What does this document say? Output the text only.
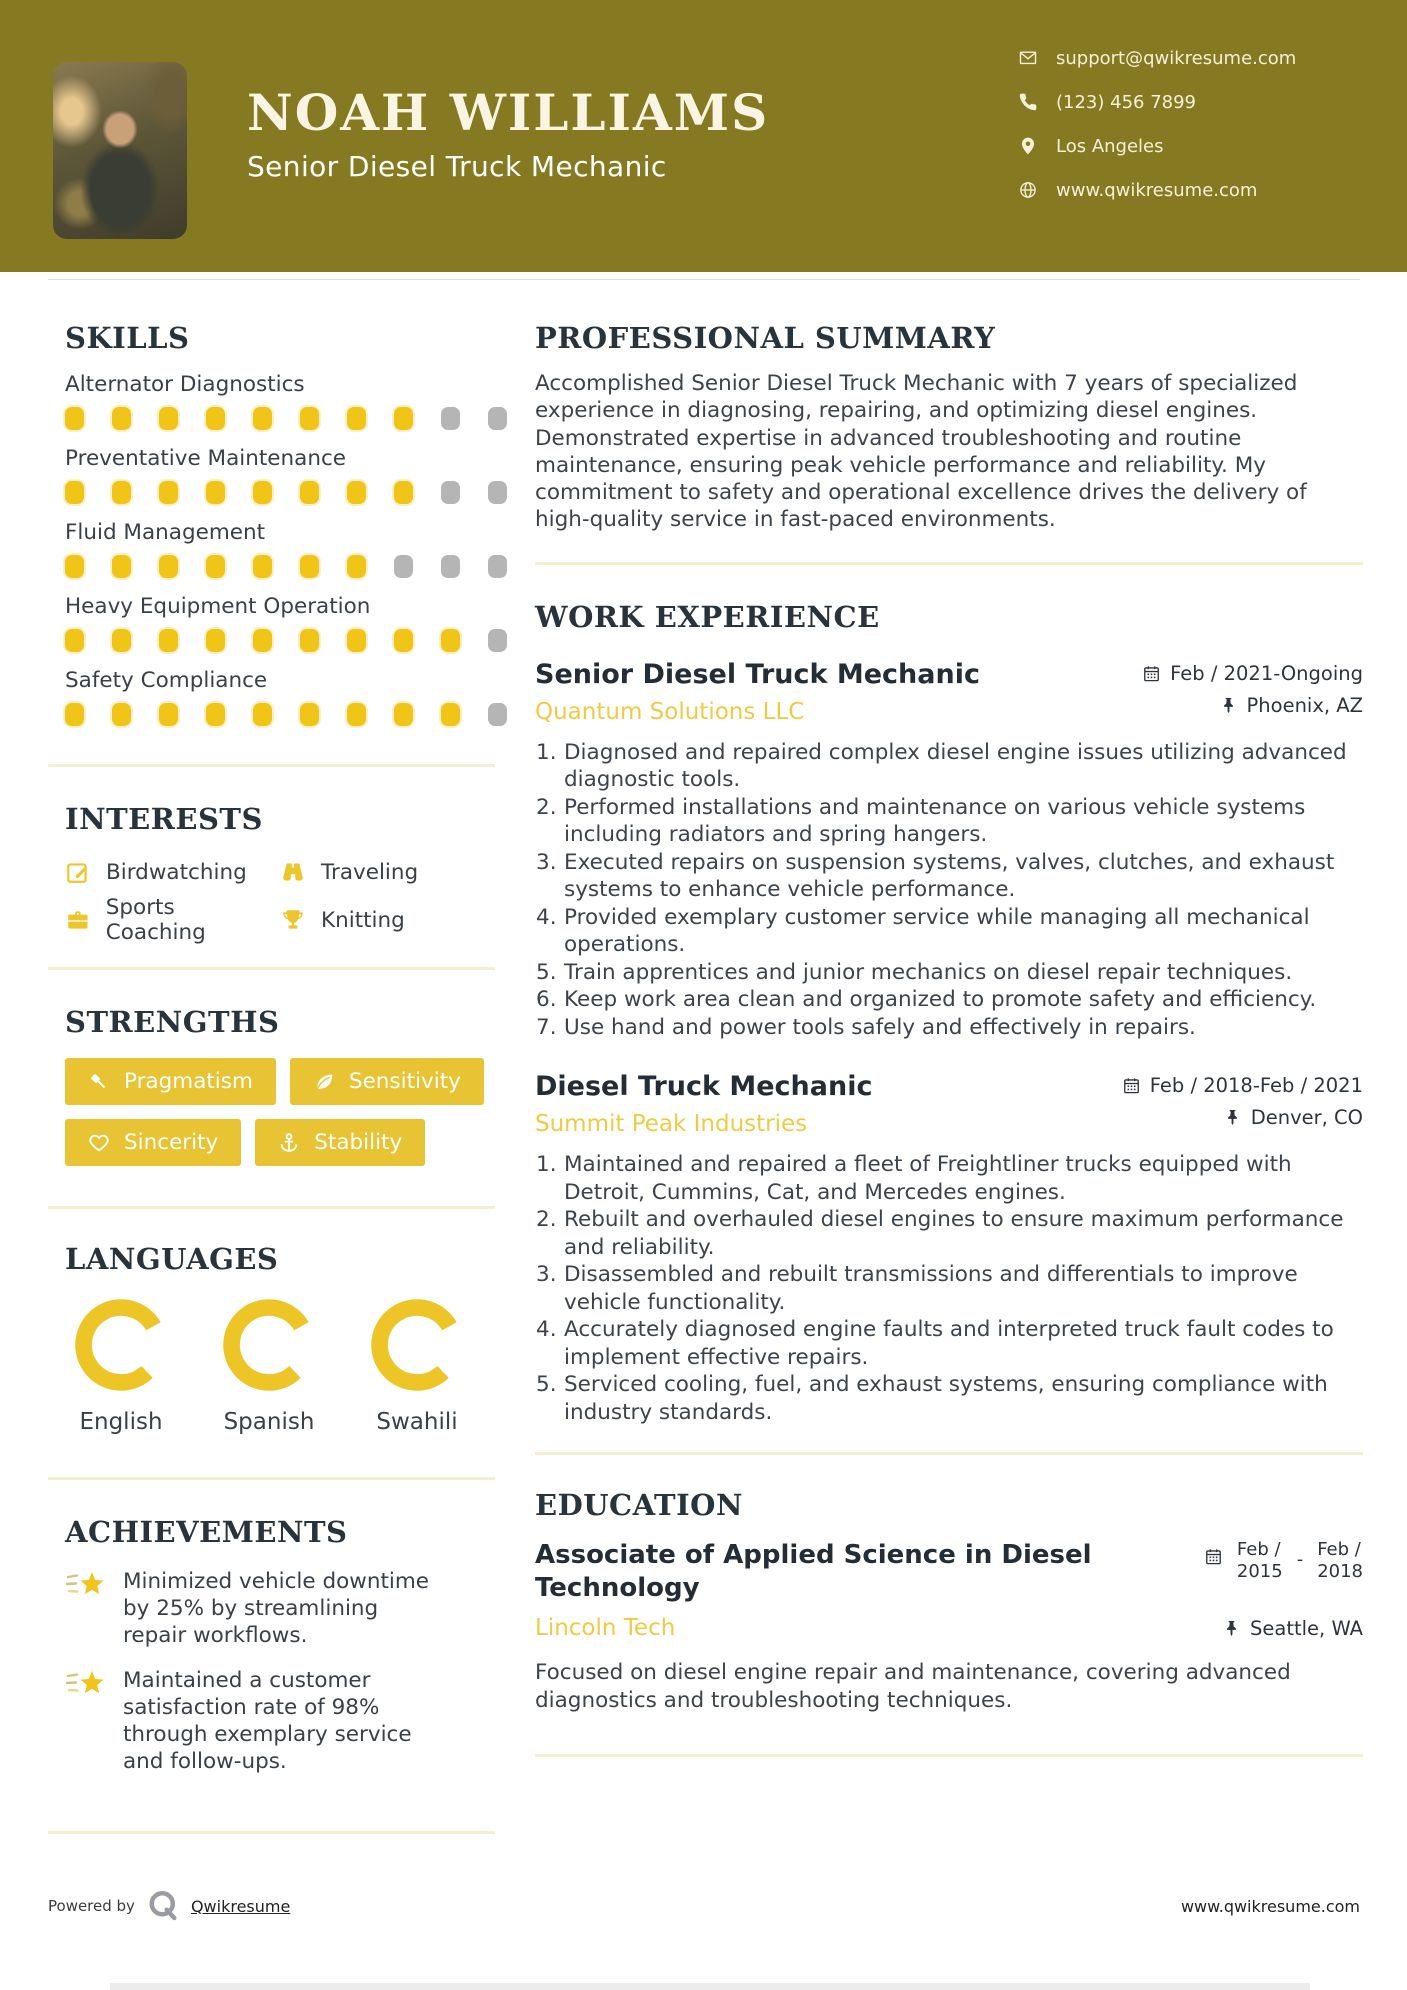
NOAH WILLIAMS
Senior Diesel Truck Mechanic
support@qwikresume.com
(123) 456 7899
Los Angeles
www.qwikresume.com
SKILLS
Alternator Diagnostics
Preventative Maintenance
Fluid Management
Heavy Equipment Operation
Safety Compliance
INTERESTS
Birdwatching	Traveling
Sports Coaching	Knitting
STRENGTHS
Pragmatism	Sensitivity
Sincerity	Stability
LANGUAGES
English	Spanish	Swahili
ACHIEVEMENTS
Minimized vehicle downtime by 25% by streamlining repair workflows.
Maintained a customer satisfaction rate of 98% through exemplary service and follow-ups.
PROFESSIONAL SUMMARY

Accomplished Senior Diesel Truck Mechanic with 7 years of specialized experience in diagnosing, repairing, and optimizing diesel engines. Demonstrated expertise in advanced troubleshooting and routine maintenance, ensuring peak vehicle performance and reliability. My commitment to safety and operational excellence drives the delivery of high-quality service in fast-paced environments.

WORK EXPERIENCE
Senior Diesel Truck Mechanic
Quantum Solutions LLC
Feb / 2021-Ongoing
Phoenix, AZ
Diagnosed and repaired complex diesel engine issues utilizing advanced diagnostic tools.
Performed installations and maintenance on various vehicle systems including radiators and spring hangers.
Executed repairs on suspension systems, valves, clutches, and exhaust systems to enhance vehicle performance.
Provided exemplary customer service while managing all mechanical operations.
Train apprentices and junior mechanics on diesel repair techniques.
Keep work area clean and organized to promote safety and efficiency.
Use hand and power tools safely and effectively in repairs.
Diesel Truck Mechanic
Summit Peak Industries
Feb / 2018-Feb / 2021
Denver, CO
Maintained and repaired a fleet of Freightliner trucks equipped with Detroit, Cummins, Cat, and Mercedes engines.
Rebuilt and overhauled diesel engines to ensure maximum performance and reliability.
Disassembled and rebuilt transmissions and differentials to improve vehicle functionality.
Accurately diagnosed engine faults and interpreted truck fault codes to implement effective repairs.
Serviced cooling, fuel, and exhaust systems, ensuring compliance with industry standards.
EDUCATION
Associate of Applied Science in Diesel Technology
Feb /
2015
- Feb /
2018
Lincoln Tech	Seattle, WA

Focused on diesel engine repair and maintenance, covering advanced diagnostics and troubleshooting techniques.

Powered by	Qwikresume	www.qwikresume.com
